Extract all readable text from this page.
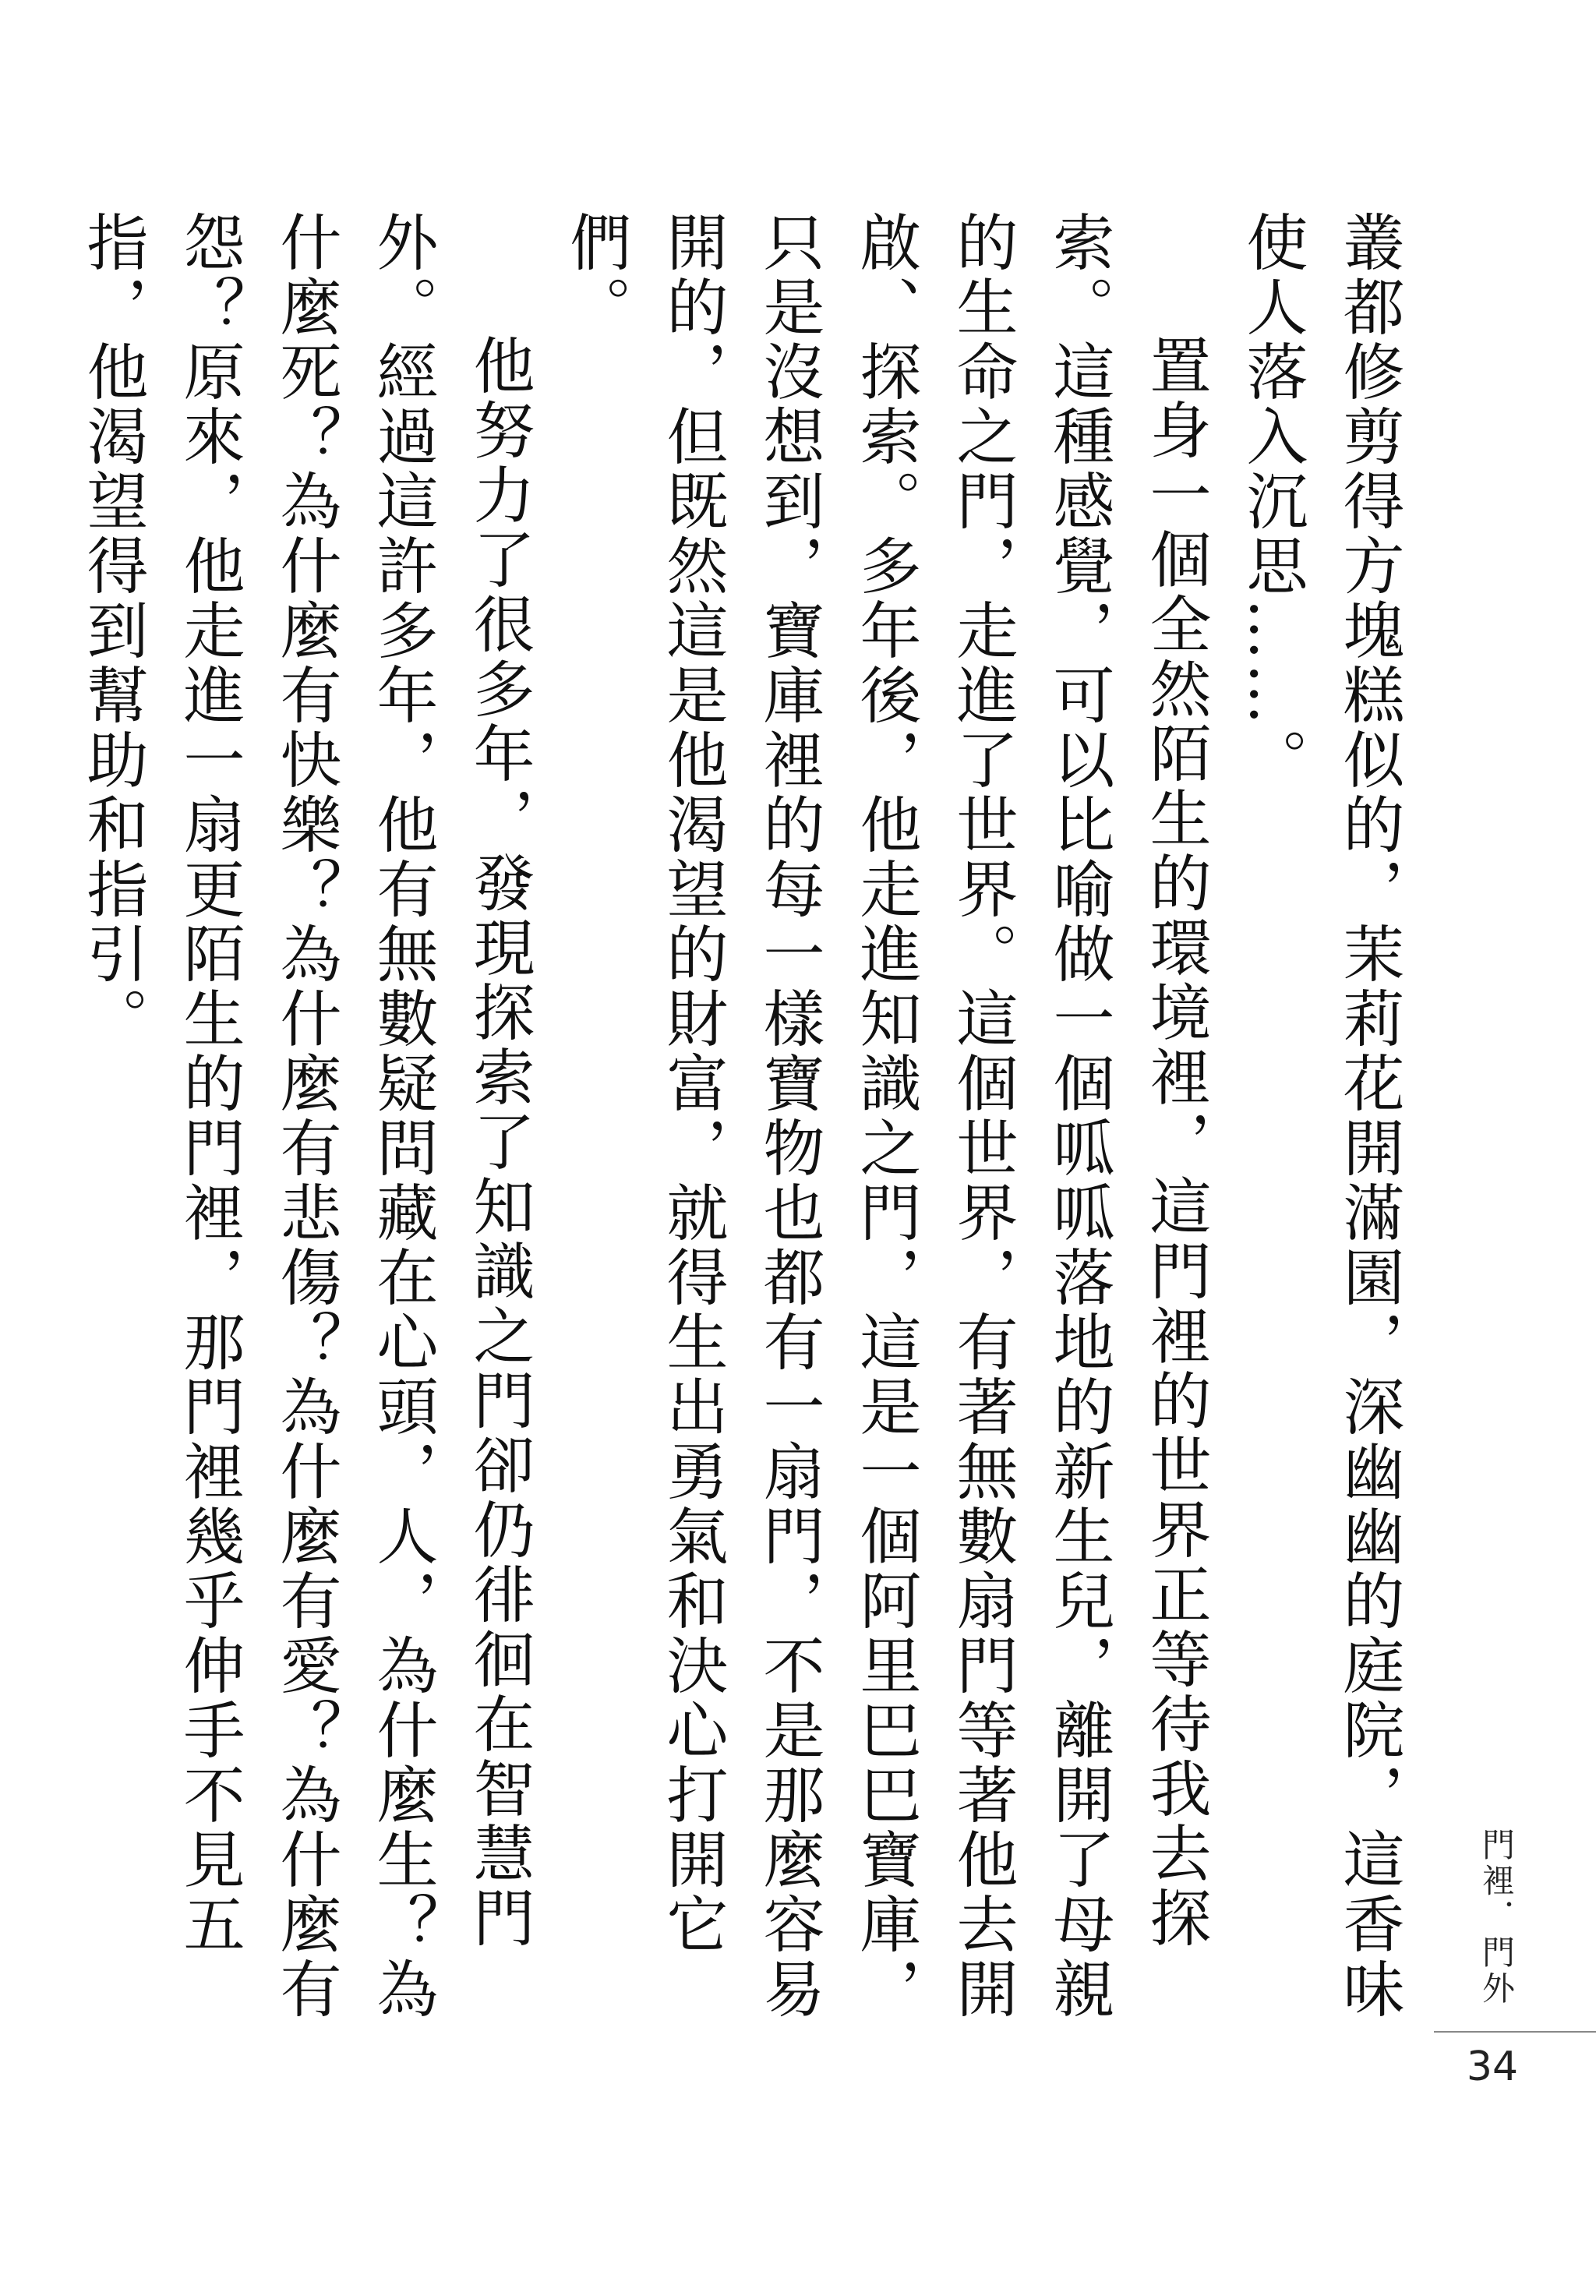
叢都修剪得方塊糕似的，茉莉花開滿園，深幽幽的庭院，這香味使人落入沉思……。

置身一個全然陌生的環境裡，這門裡的世界正等待我去探索。這種感覺，可以比喻做一個呱呱落地的新生兒，離開了母親的生命之門，走進了世界。這個世界，有著無數扇門等著他去開啟、探索。多年後，他走進知識之門，這是一個阿里巴巴寶庫，只是沒想到，寶庫裡的每一樣寶物也都有一扇門，不是那麼容易開的，但既然這是他渴望的財富，就得生出勇氣和決心打開它們。

他努力了很多年，發現探索了知識之門卻仍徘徊在智慧門外。經過這許多年，他有無數疑問藏在心頭，人，為什麼生？為什麼死？為什麼有快樂？為什麼有悲傷？為什麼有愛？為什麼有怨？原來，他走進一扇更陌生的門裡，那門裡幾乎伸手不見五指，他渴望得到幫助和指引。

門裡．門外
34
